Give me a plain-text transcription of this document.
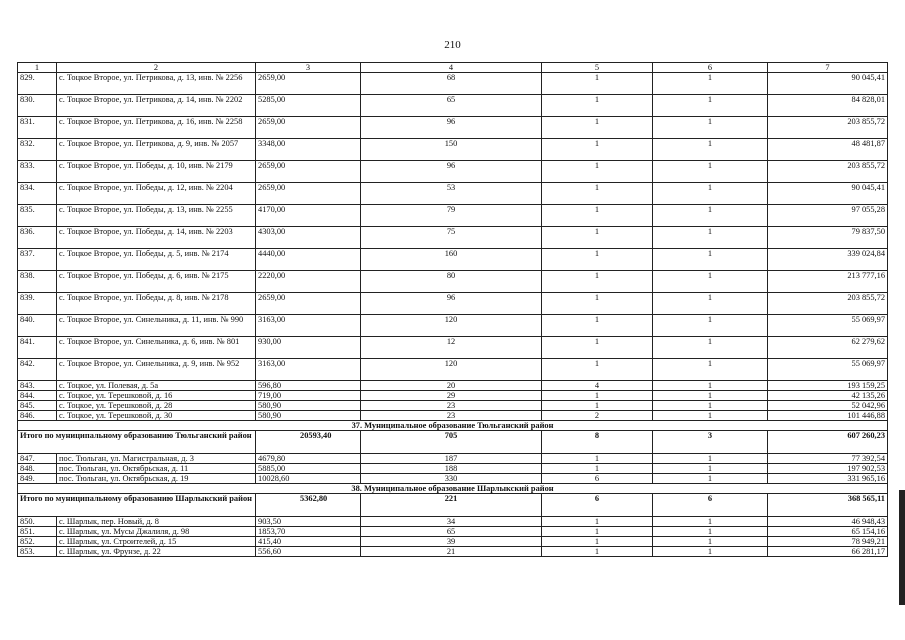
210
1	2	3	4	5	6	7
829.	с. Тоцкое Второе, ул. Петрикова, д. 13, инв. № 2256	2659,00	68	1	1	90 045,41
830.	с. Тоцкое Второе, ул. Петрикова, д. 14, инв. № 2202	5285,00	65	1	1	84 828,01
831.	с. Тоцкое Второе, ул. Петрикова, д. 16, инв. № 2258	2659,00	96	1	1	203 855,72
832.	с. Тоцкое Второе, ул. Петрикова, д. 9, инв. № 2057	3348,00	150	1	1	48 481,87
833.	с. Тоцкое Второе, ул. Победы, д. 10, инв. № 2179	2659,00	96	1	1	203 855,72
834.	с. Тоцкое Второе, ул. Победы, д. 12, инв. № 2204	2659,00	53	1	1	90 045,41
835.	с. Тоцкое Второе, ул. Победы, д. 13, инв. № 2255	4170,00	79	1	1	97 055,28
836.	с. Тоцкое Второе, ул. Победы, д. 14, инв. № 2203	4303,00	75	1	1	79 837,50
837.	с. Тоцкое Второе, ул. Победы, д. 5, инв. № 2174	4440,00	160	1	1	339 024,84
838.	с. Тоцкое Второе, ул. Победы, д. 6, инв. № 2175	2220,00	80	1	1	213 777,16
839.	с. Тоцкое Второе, ул. Победы, д. 8, инв. № 2178	2659,00	96	1	1	203 855,72
840.	с. Тоцкое Второе, ул. Синельника, д. 11, инв. № 990	3163,00	120	1	1	55 069,97
841.	с. Тоцкое Второе, ул. Синельника, д. 6, инв. № 801	930,00	12	1	1	62 279,62
842.	с. Тоцкое Второе, ул. Синельника, д. 9, инв. № 952	3163,00	120	1	1	55 069,97
843.	с. Тоцкое, ул. Полевая, д. 5а	596,80	20	4	1	193 159,25
844.	с. Тоцкое, ул. Терешковой, д. 16	719,00	29	1	1	42 135,26
845.	с. Тоцкое, ул. Терешковой, д. 28	580,90	23	1	1	52 042,96
846.	с. Тоцкое, ул. Терешковой, д. 30	580,90	23	2	1	101 446,88
37. Муниципальное образование Тюльганский район						
Итого по муниципальному образованию Тюльганский район		20593,40	705	8	3	607 260,23
847.	пос. Тюльган, ул. Магистральная, д. 3	4679,80	187	1	1	77 392,54
848.	пос. Тюльган, ул. Октябрьская, д. 11	5885,00	188	1	1	197 902,53
849.	пос. Тюльган, ул. Октябрьская, д. 19	10028,60	330	6	1	331 965,16
38. Муниципальное образование Шарлыкский район						
Итого по муниципальному образованию Шарлыкский район		5362,80	221	6	6	368 565,11
850.	с. Шарлык, пер. Новый, д. 8	903,50	34	1	1	46 948,43
851.	с. Шарлык, ул. Мусы Джалиля, д. 98	1853,70	65	1	1	65 154,16
852.	с. Шарлык, ул. Строителей, д. 15	415,40	39	1	1	78 949,21
853.	с. Шарлык, ул. Фрунзе, д. 22	556,60	21	1	1	66 281,17
